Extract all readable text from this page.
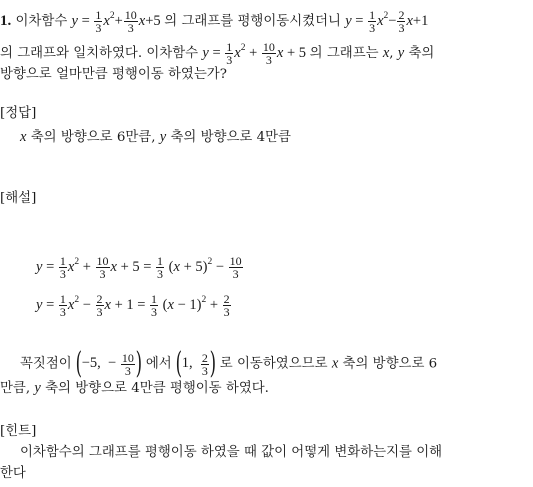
1. 이차함수 $y = \frac{1}{3} x^2+ \frac{10}{3} x+5$ 의 그래프를 평행이동시켰더니 $y = \frac{1}{3} x^2- \frac{2}{3} x+1$
의 그래프와 일치하였다. 이차함수 $y = \frac{1}{3} x^2 + \frac{10}{3}$ x + 5 의 그래프는 x, y 축의
방향으로 얼마만큼 평행이동 하였는가?
[정답]
x 축의 방향으로 6만큼, y 축의 방향으로 4만큼
[해설]
$y = \frac{1}{3} x^2 + \frac{10}{3}$ $x + 5 = \frac{1}{3} (x + 5)^2 - \frac{10}{3}$
$y = \frac{1}{3} x^2 - \frac{2}{3}$ $x + 1 = \frac{1}{3} (x - 1)^2 + \frac{2}{3}$
꼭짓점이 (−5,  − $\frac{10}{3}$ ) 에서 (1, $\frac{2}{3}$ ) 로 이동하였으므로 x 축의 방향으로 6
만큼, y 축의 방향으로 4만큼 평행이동 하였다.
[힌트]
이차함수의 그래프를 평행이동 하였을 때 값이 어떻게 변화하는지를 이해
한다
